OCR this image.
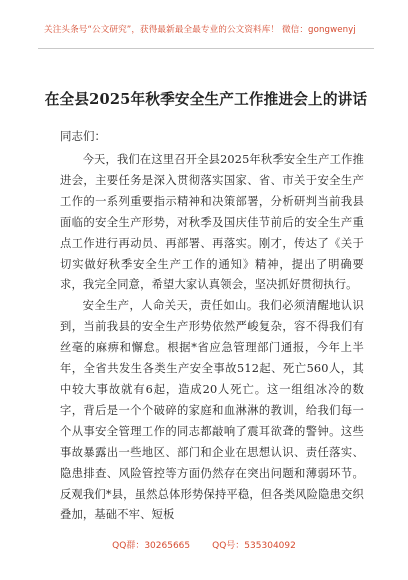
关注头条号“公文研究”，获得最新最全最专业的公文资料库！ 微信：gongwenyj
在全县2025年秋季安全生产工作推进会上的讲话
同志们：

今天，我们在这里召开全县2025年秋季安全生产工作推进会，主要任务是深入贯彻落实国家、省、市关于安全生产工作的一系列重要指示精神和决策部署，分析研判当前我县面临的安全生产形势，对秋季及国庆佳节前后的安全生产重点工作进行再动员、再部署、再落实。刚才，传达了《关于切实做好秋季安全生产工作的通知》精神，提出了明确要求，我完全同意，希望大家认真领会，坚决抓好贯彻执行。

安全生产，人命关天，责任如山。我们必须清醒地认识到，当前我县的安全生产形势依然严峻复杂，容不得我们有丝毫的麻痹和懈怠。根据*省应急管理部门通报，今年上半年，全省共发生各类生产安全事故512起、死亡560人，其中较大事故就有6起，造成20人死亡。这一组组冰冷的数字，背后是一个个破碎的家庭和血淋淋的教训，给我们每一个从事安全管理工作的同志都敲响了震耳欲聋的警钟。这些事故暴露出一些地区、部门和企业在思想认识、责任落实、隐患排查、风险管控等方面仍然存在突出问题和薄弱环节。反观我们*县，虽然总体形势保持平稳，但各类风险隐患交织叠加，基础不牢、短板

QQ群：30265665 QQ号：535304092
